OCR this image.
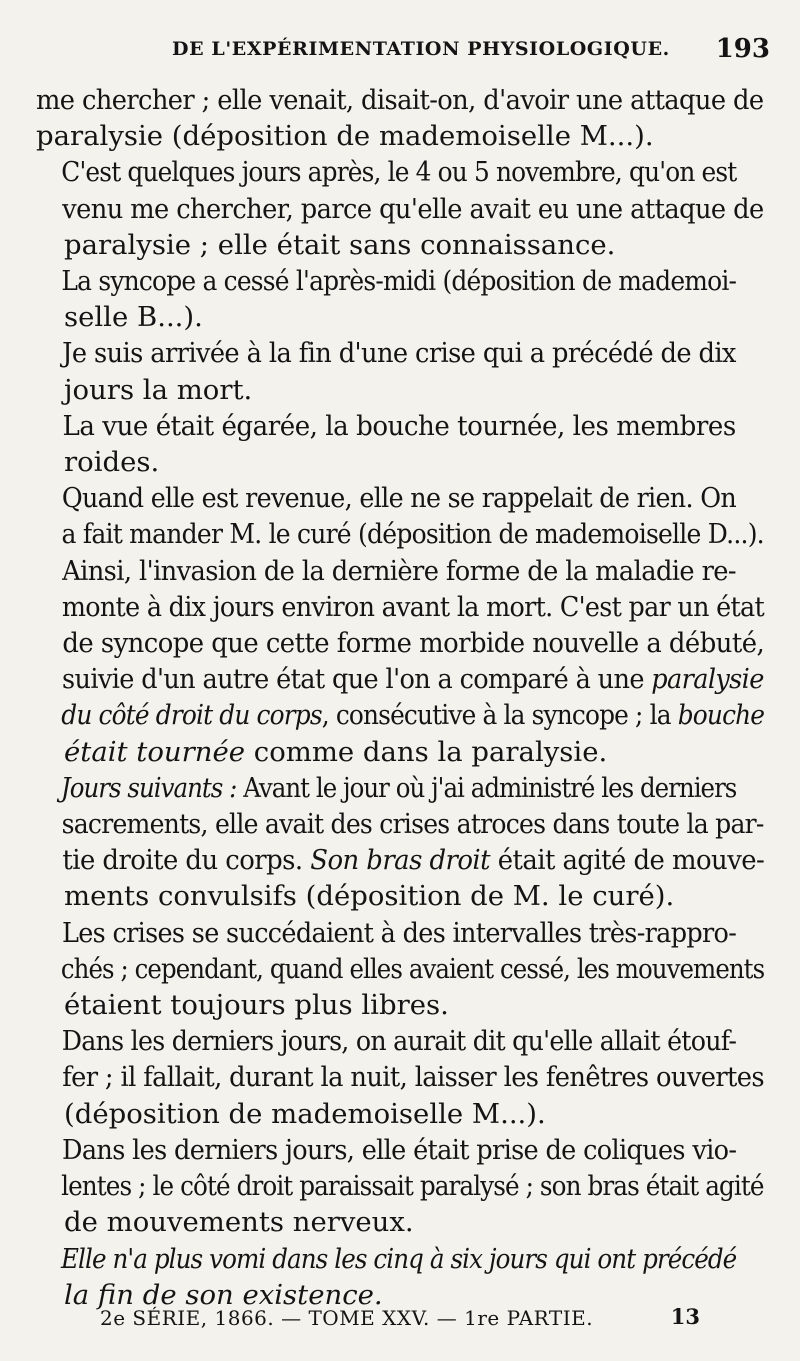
DE L'EXPÉRIMENTATION PHYSIOLOGIQUE. 193

me chercher ; elle venait, disait-on, d'avoir une attaque de
paralysie (déposition de mademoiselle M...).

C'est quelques jours après, le 4 ou 5 novembre, qu'on est
venu me chercher, parce qu'elle avait eu une attaque de
paralysie ; elle était sans connaissance.

La syncope a cessé l'après-midi (déposition de mademoi-
selle B...).

Je suis arrivée à la fin d'une crise qui a précédé de dix
jours la mort.

La vue était égarée, la bouche tournée, les membres
roides.

Quand elle est revenue, elle ne se rappelait de rien. On
a fait mander M. le curé (déposition de mademoiselle D...).

Ainsi, l'invasion de la dernière forme de la maladie re-
monte à dix jours environ avant la mort. C'est par un état
de syncope que cette forme morbide nouvelle a débuté,
suivie d'un autre état que l'on a comparé à une paralysie
du côté droit du corps, consécutive à la syncope ; la bouche
était tournée comme dans la paralysie.

Jours suivants : Avant le jour où j'ai administré les derniers
sacrements, elle avait des crises atroces dans toute la par-
tie droite du corps. Son bras droit était agité de mouve-
ments convulsifs (déposition de M. le curé).

Les crises se succédaient à des intervalles très-rappro-
chés ; cependant, quand elles avaient cessé, les mouvements
étaient toujours plus libres.

Dans les derniers jours, on aurait dit qu'elle allait étouf-
fer ; il fallait, durant la nuit, laisser les fenêtres ouvertes
(déposition de mademoiselle M...).

Dans les derniers jours, elle était prise de coliques vio-
lentes ; le côté droit paraissait paralysé ; son bras était agité
de mouvements nerveux.

Elle n'a plus vomi dans les cinq à six jours qui ont précédé
la fin de son existence.

2e SÉRIE, 1866. — TOME XXV. — 1re PARTIE.	13
